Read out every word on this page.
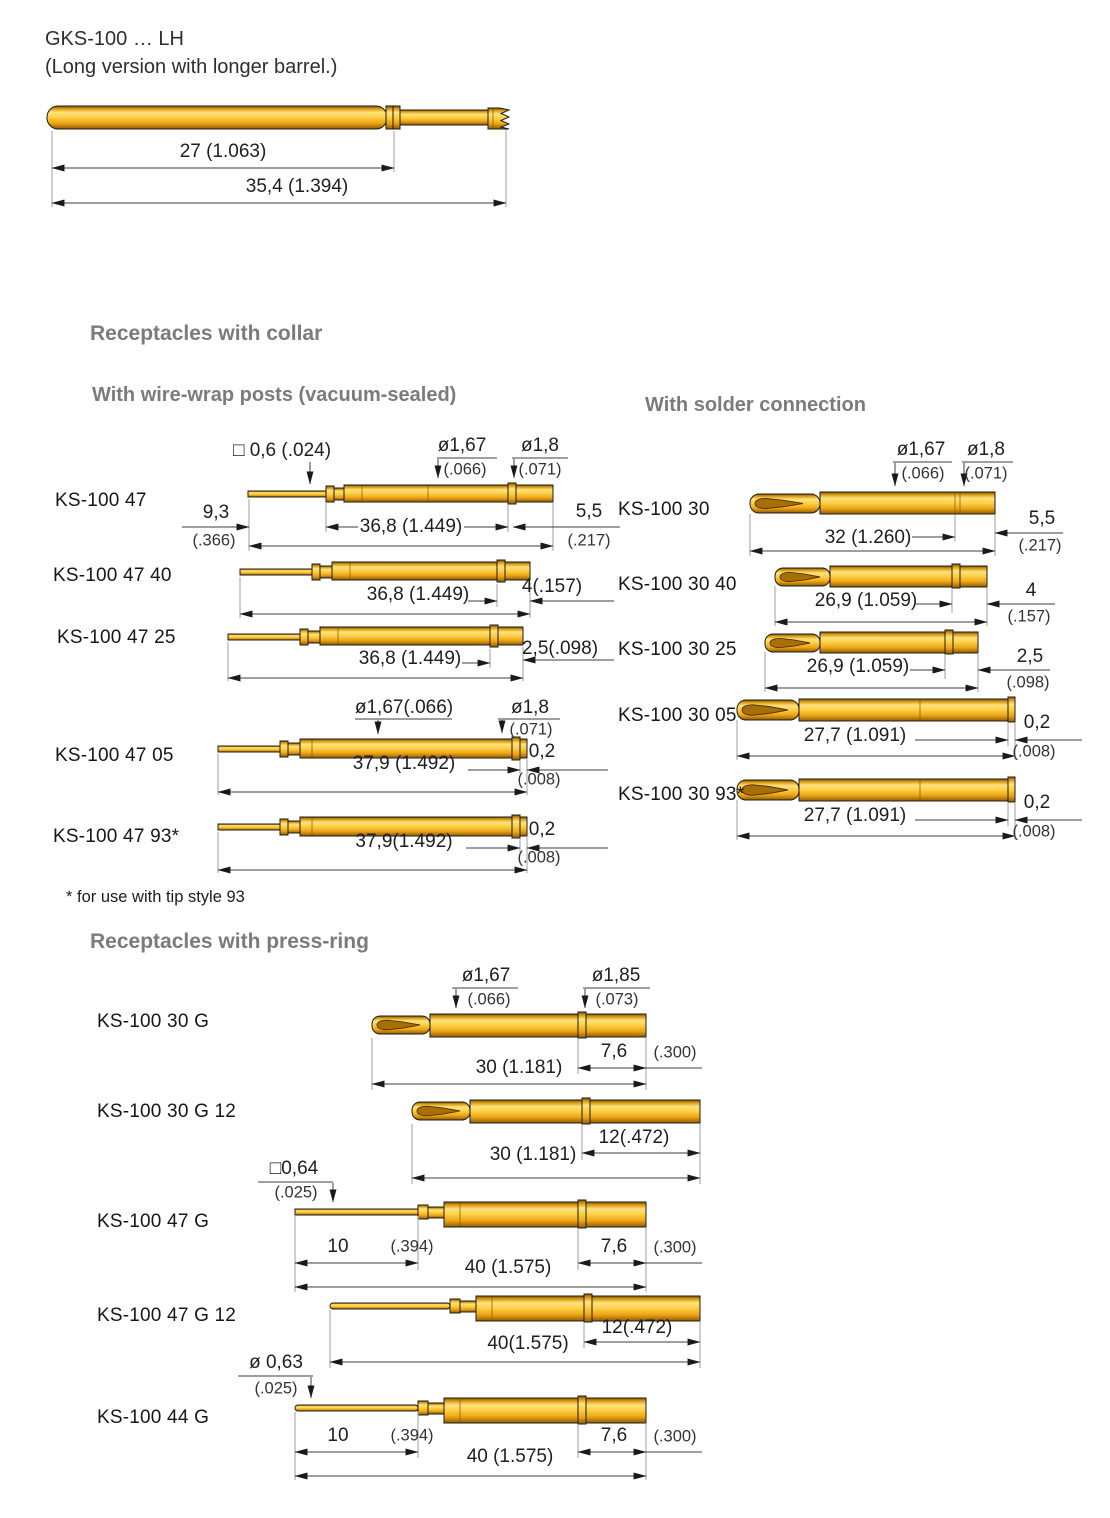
GKS-100 … LH
(Long version with longer barrel.)
27 (1.063)
35,4 (1.394)
Receptacles with collar
With wire-wrap posts (vacuum-sealed)	With solder connection
* for use with tip style 93
Receptacles with press-ring
KS-100 47
□ 0,6 (.024)	ø1,67
(.066)
ø1,8
(.071)
9,3
(.366)
36,8 (1.449)
5,5
(.217)
KS-100 47 40
36,8 (1.449)	4(.157)
KS-100 47 25
36,8 (1.449)	2,5(.098)
KS-100 47 05
ø1,67(.066)	ø1,8
(.071)
37,9 (1.492)
0,2
(.008)
KS-100 47 93*	37,9(1.492)
0,2
(.008)
KS-100 30
ø1,67
(.066)
ø1,8
(.071)
32 (1.260)
5,5
(.217)
KS-100 30 40
26,9 (1.059)	4
(.157)
KS-100 30 25
26,9 (1.059)	2,5
(.098)
KS-100 30 05
27,7 (1.091)
0,2
(.008)
KS-100 30 93*
27,7 (1.091)
0,2
(.008)
KS-100 30 G
ø1,67
(.066)
ø1,85
(.073)
30 (1.181)
7,6 (.300)
KS-100 30 G 12
30 (1.181)
12(.472)
KS-100 47 G
□0,64
(.025)
10	(.394)
40 (1.575)
7,6 (.300)
KS-100 47 G 12
40(1.575)
12(.472)
KS-100 44 G
ø 0,63
(.025)
10	(.394)
40 (1.575)
7,6 (.300)
